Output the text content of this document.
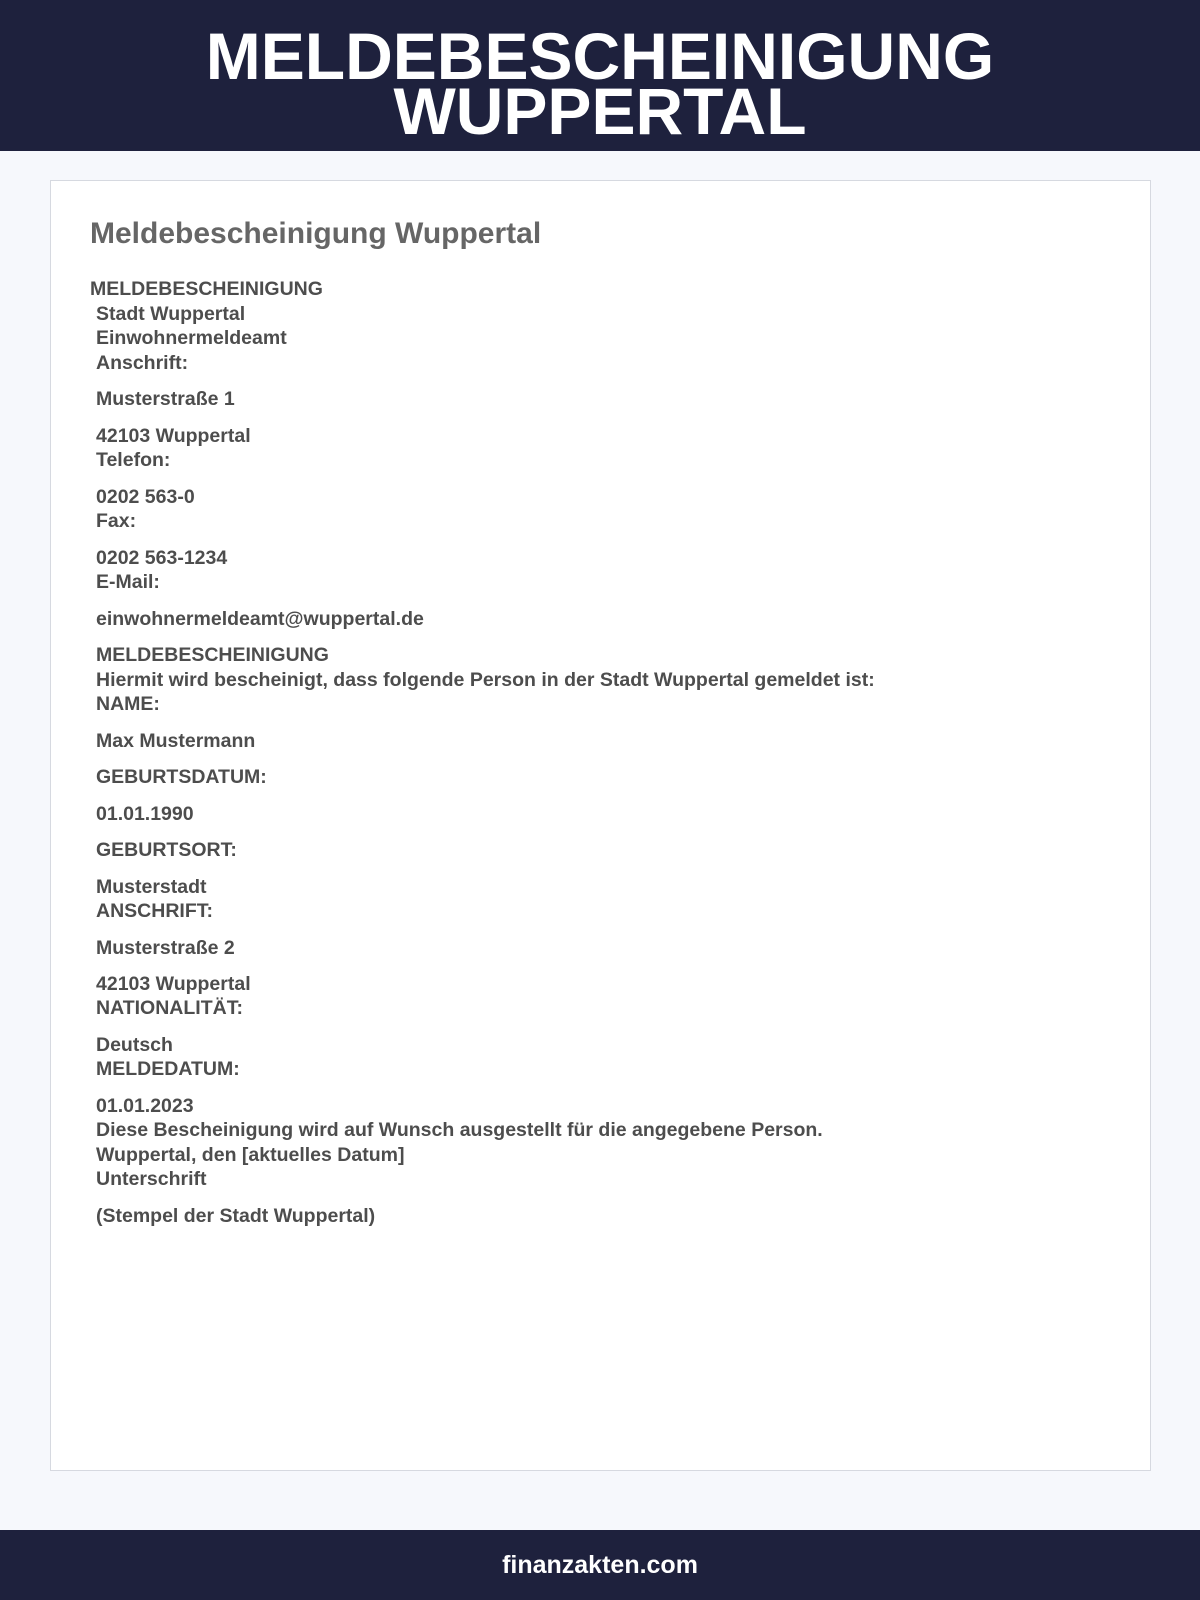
MELDEBESCHEINIGUNG
WUPPERTAL
Meldebescheinigung Wuppertal
MELDEBESCHEINIGUNG
Stadt Wuppertal
Einwohnermeldeamt
Anschrift:
Musterstraße 1
42103 Wuppertal
Telefon:
0202 563-0
Fax:
0202 563-1234
E-Mail:
einwohnermeldeamt@wuppertal.de
MELDEBESCHEINIGUNG
Hiermit wird bescheinigt, dass folgende Person in der Stadt Wuppertal gemeldet ist:
NAME:
Max Mustermann
GEBURTSDATUM:
01.01.1990
GEBURTSORT:
Musterstadt
ANSCHRIFT:
Musterstraße 2
42103 Wuppertal
NATIONALITÄT:
Deutsch
MELDEDATUM:
01.01.2023
Diese Bescheinigung wird auf Wunsch ausgestellt für die angegebene Person.
Wuppertal, den [aktuelles Datum]
Unterschrift
(Stempel der Stadt Wuppertal)
finanzakten.com
